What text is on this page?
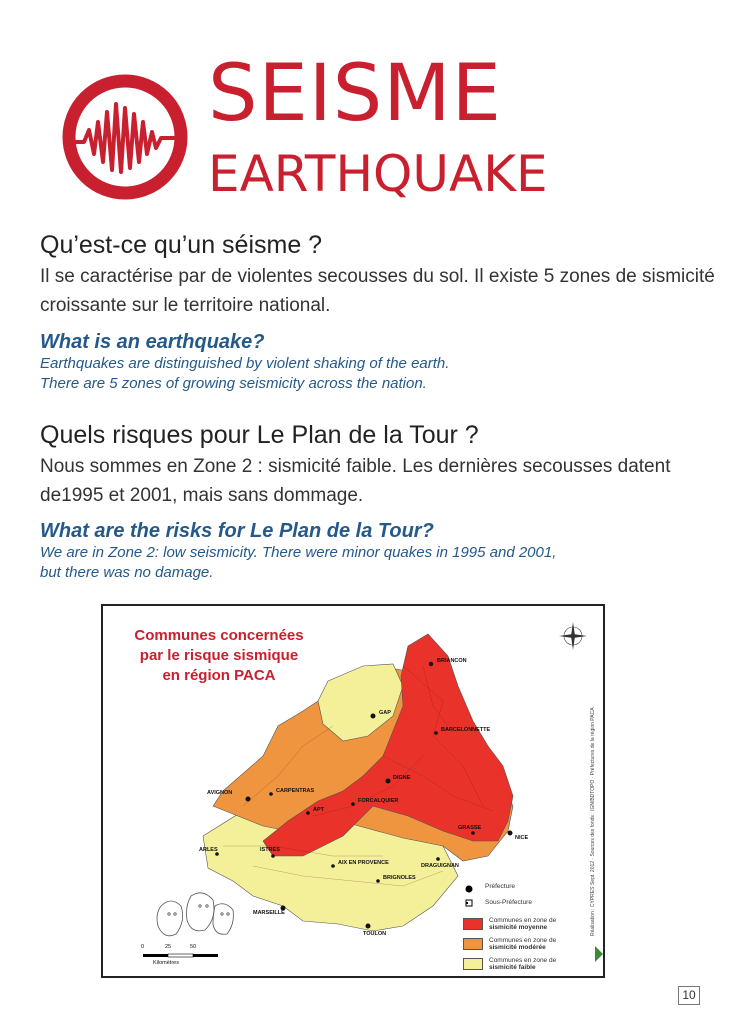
SEISME
EARTHQUAKE
Qu’est-ce qu’un séisme ?
Il se caractérise par de violentes secousses du sol. Il existe 5 zones de sismicité croissante sur le territoire national.
What is an earthquake?
Earthquakes are distinguished by violent shaking of the earth.
There are 5 zones of growing seismicity across the nation.
Quels risques pour Le Plan de la Tour ?
Nous sommes en Zone 2 : sismicité faible. Les dernières secousses datent
de1995 et 2001, mais sans dommage.
What are the risks for Le Plan de la Tour?
We are in Zone 2: low seismicity. There were minor quakes in 1995 and 2001,
but there was no damage.
Communes concernées
par le risque sismique
en région PACA
BRIANCON
GAP
BARCELONNETTE
DIGNE
AVIGNON	CARPENTRAS
APT
FORCALQUIER
ARLES
GRASSE
NICE
ISTRES
AIX EN PROVENCE	DRAGUIGNAN
BRIGNOLES
MARSEILLE
TOULON
0	25	50
Kilomètres
Réalisation : CYPRES Sept. 2012 · Sources des fonds : IGN/BDTOPO · Préfectures de la région PACA
Préfecture
Sous-Préfecture
Communes en zone de
sismicité moyenne
Communes en zone de
sismicité modérée
Communes en zone de
sismicité faible
10
